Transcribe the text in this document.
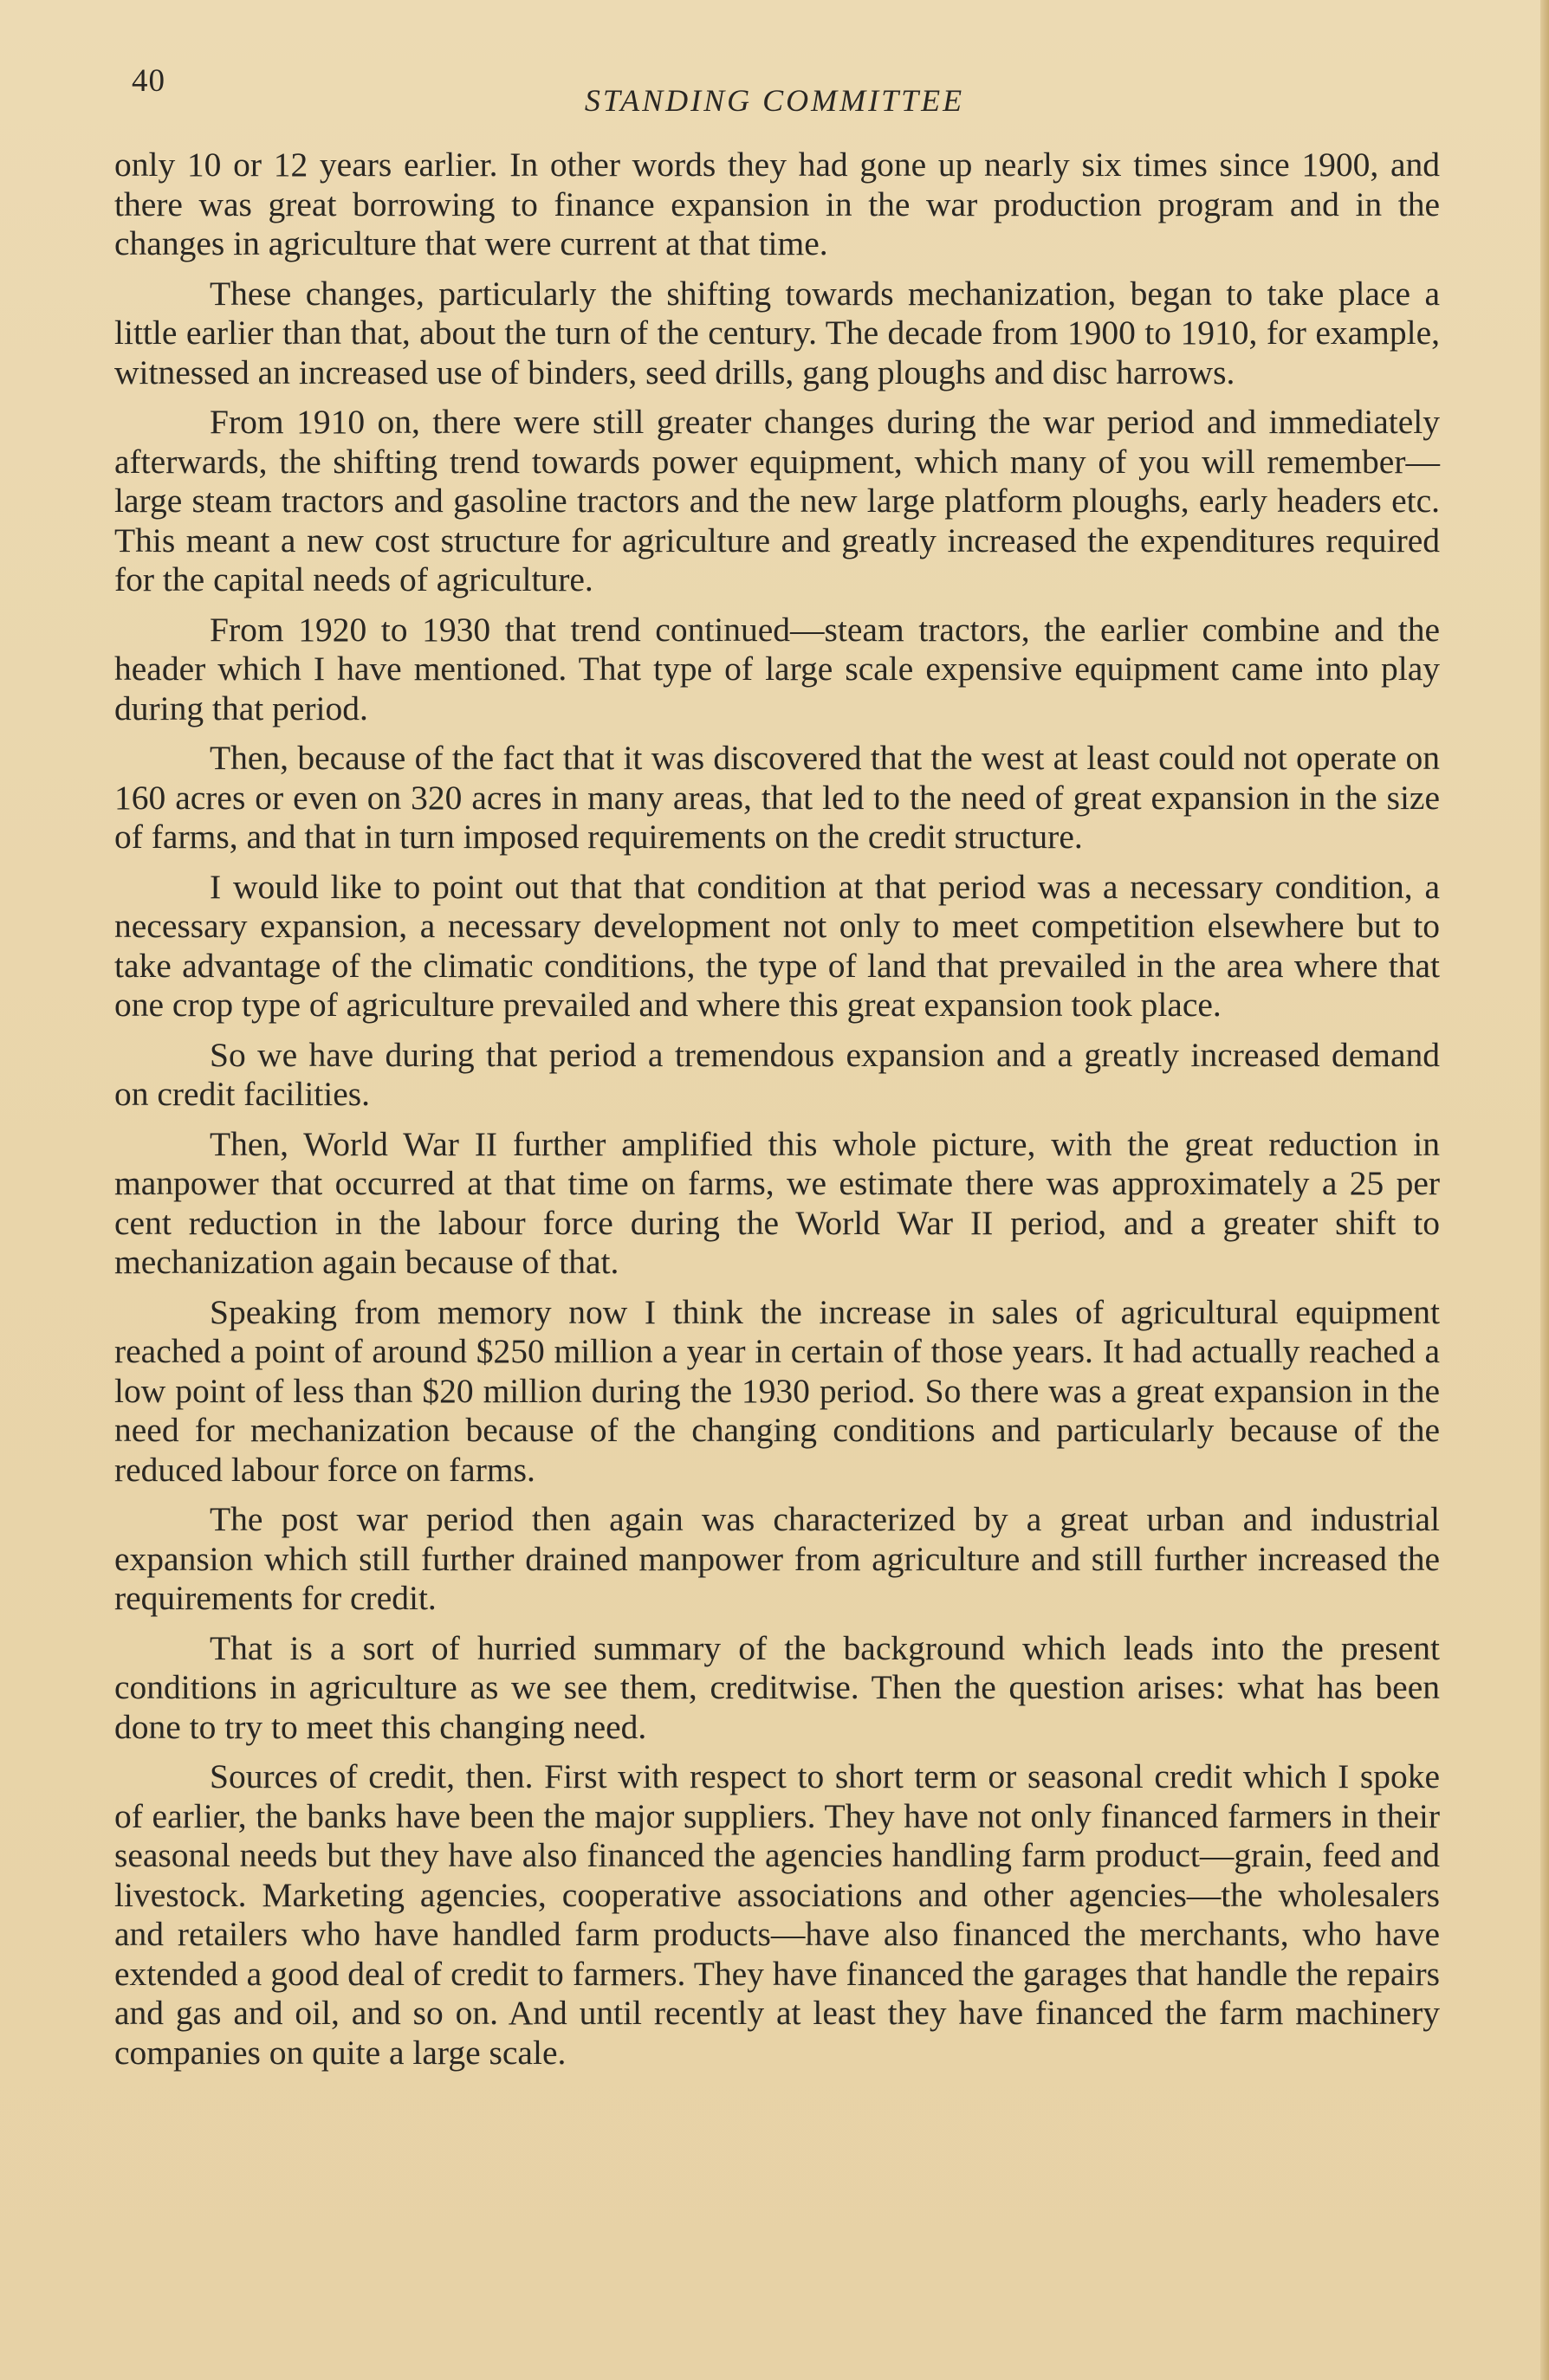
40
STANDING COMMITTEE

only 10 or 12 years earlier. In other words they had gone up nearly six times since 1900, and there was great borrowing to finance expansion in the war production program and in the changes in agriculture that were current at that time.

These changes, particularly the shifting towards mechanization, began to take place a little earlier than that, about the turn of the century. The decade from 1900 to 1910, for example, witnessed an increased use of binders, seed drills, gang ploughs and disc harrows.

From 1910 on, there were still greater changes during the war period and immediately afterwards, the shifting trend towards power equipment, which many of you will remember—large steam tractors and gasoline tractors and the new large platform ploughs, early headers etc. This meant a new cost structure for agriculture and greatly increased the expenditures required for the capital needs of agriculture.

From 1920 to 1930 that trend continued—steam tractors, the earlier combine and the header which I have mentioned. That type of large scale expensive equipment came into play during that period.

Then, because of the fact that it was discovered that the west at least could not operate on 160 acres or even on 320 acres in many areas, that led to the need of great expansion in the size of farms, and that in turn imposed requirements on the credit structure.

I would like to point out that that condition at that period was a necessary condition, a necessary expansion, a necessary development not only to meet competition elsewhere but to take advantage of the climatic conditions, the type of land that prevailed in the area where that one crop type of agriculture prevailed and where this great expansion took place.

So we have during that period a tremendous expansion and a greatly increased demand on credit facilities.

Then, World War II further amplified this whole picture, with the great reduction in manpower that occurred at that time on farms, we estimate there was approximately a 25 per cent reduction in the labour force during the World War II period, and a greater shift to mechanization again because of that.

Speaking from memory now I think the increase in sales of agricultural equipment reached a point of around $250 million a year in certain of those years. It had actually reached a low point of less than $20 million during the 1930 period. So there was a great expansion in the need for mechanization because of the changing conditions and particularly because of the reduced labour force on farms.

The post war period then again was characterized by a great urban and industrial expansion which still further drained manpower from agriculture and still further increased the requirements for credit.

That is a sort of hurried summary of the background which leads into the present conditions in agriculture as we see them, creditwise. Then the question arises: what has been done to try to meet this changing need.

Sources of credit, then. First with respect to short term or seasonal credit which I spoke of earlier, the banks have been the major suppliers. They have not only financed farmers in their seasonal needs but they have also financed the agencies handling farm product—grain, feed and livestock. Marketing agencies, cooperative associations and other agencies—the wholesalers and retailers who have handled farm products—have also financed the merchants, who have extended a good deal of credit to farmers. They have financed the garages that handle the repairs and gas and oil, and so on. And until recently at least they have financed the farm machinery companies on quite a large scale.
